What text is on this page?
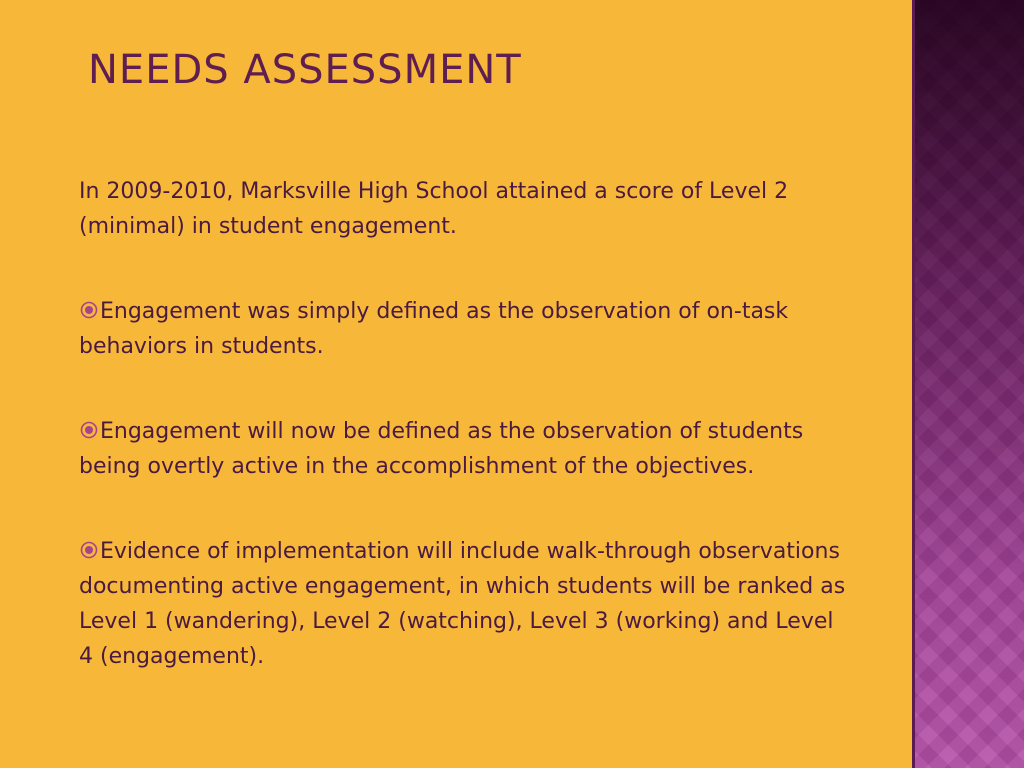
NEEDS ASSESSMENT

In 2009-2010, Marksville High School attained a score of Level 2 (minimal) in student engagement.

Engagement was simply defined as the observation of on-task behaviors in students.

Engagement will now be defined as the observation of students being overtly active in the accomplishment of the objectives.

Evidence of implementation will include walk-through observations documenting active engagement, in which students will be ranked as Level 1 (wandering), Level 2 (watching), Level 3 (working) and Level 4 (engagement).
